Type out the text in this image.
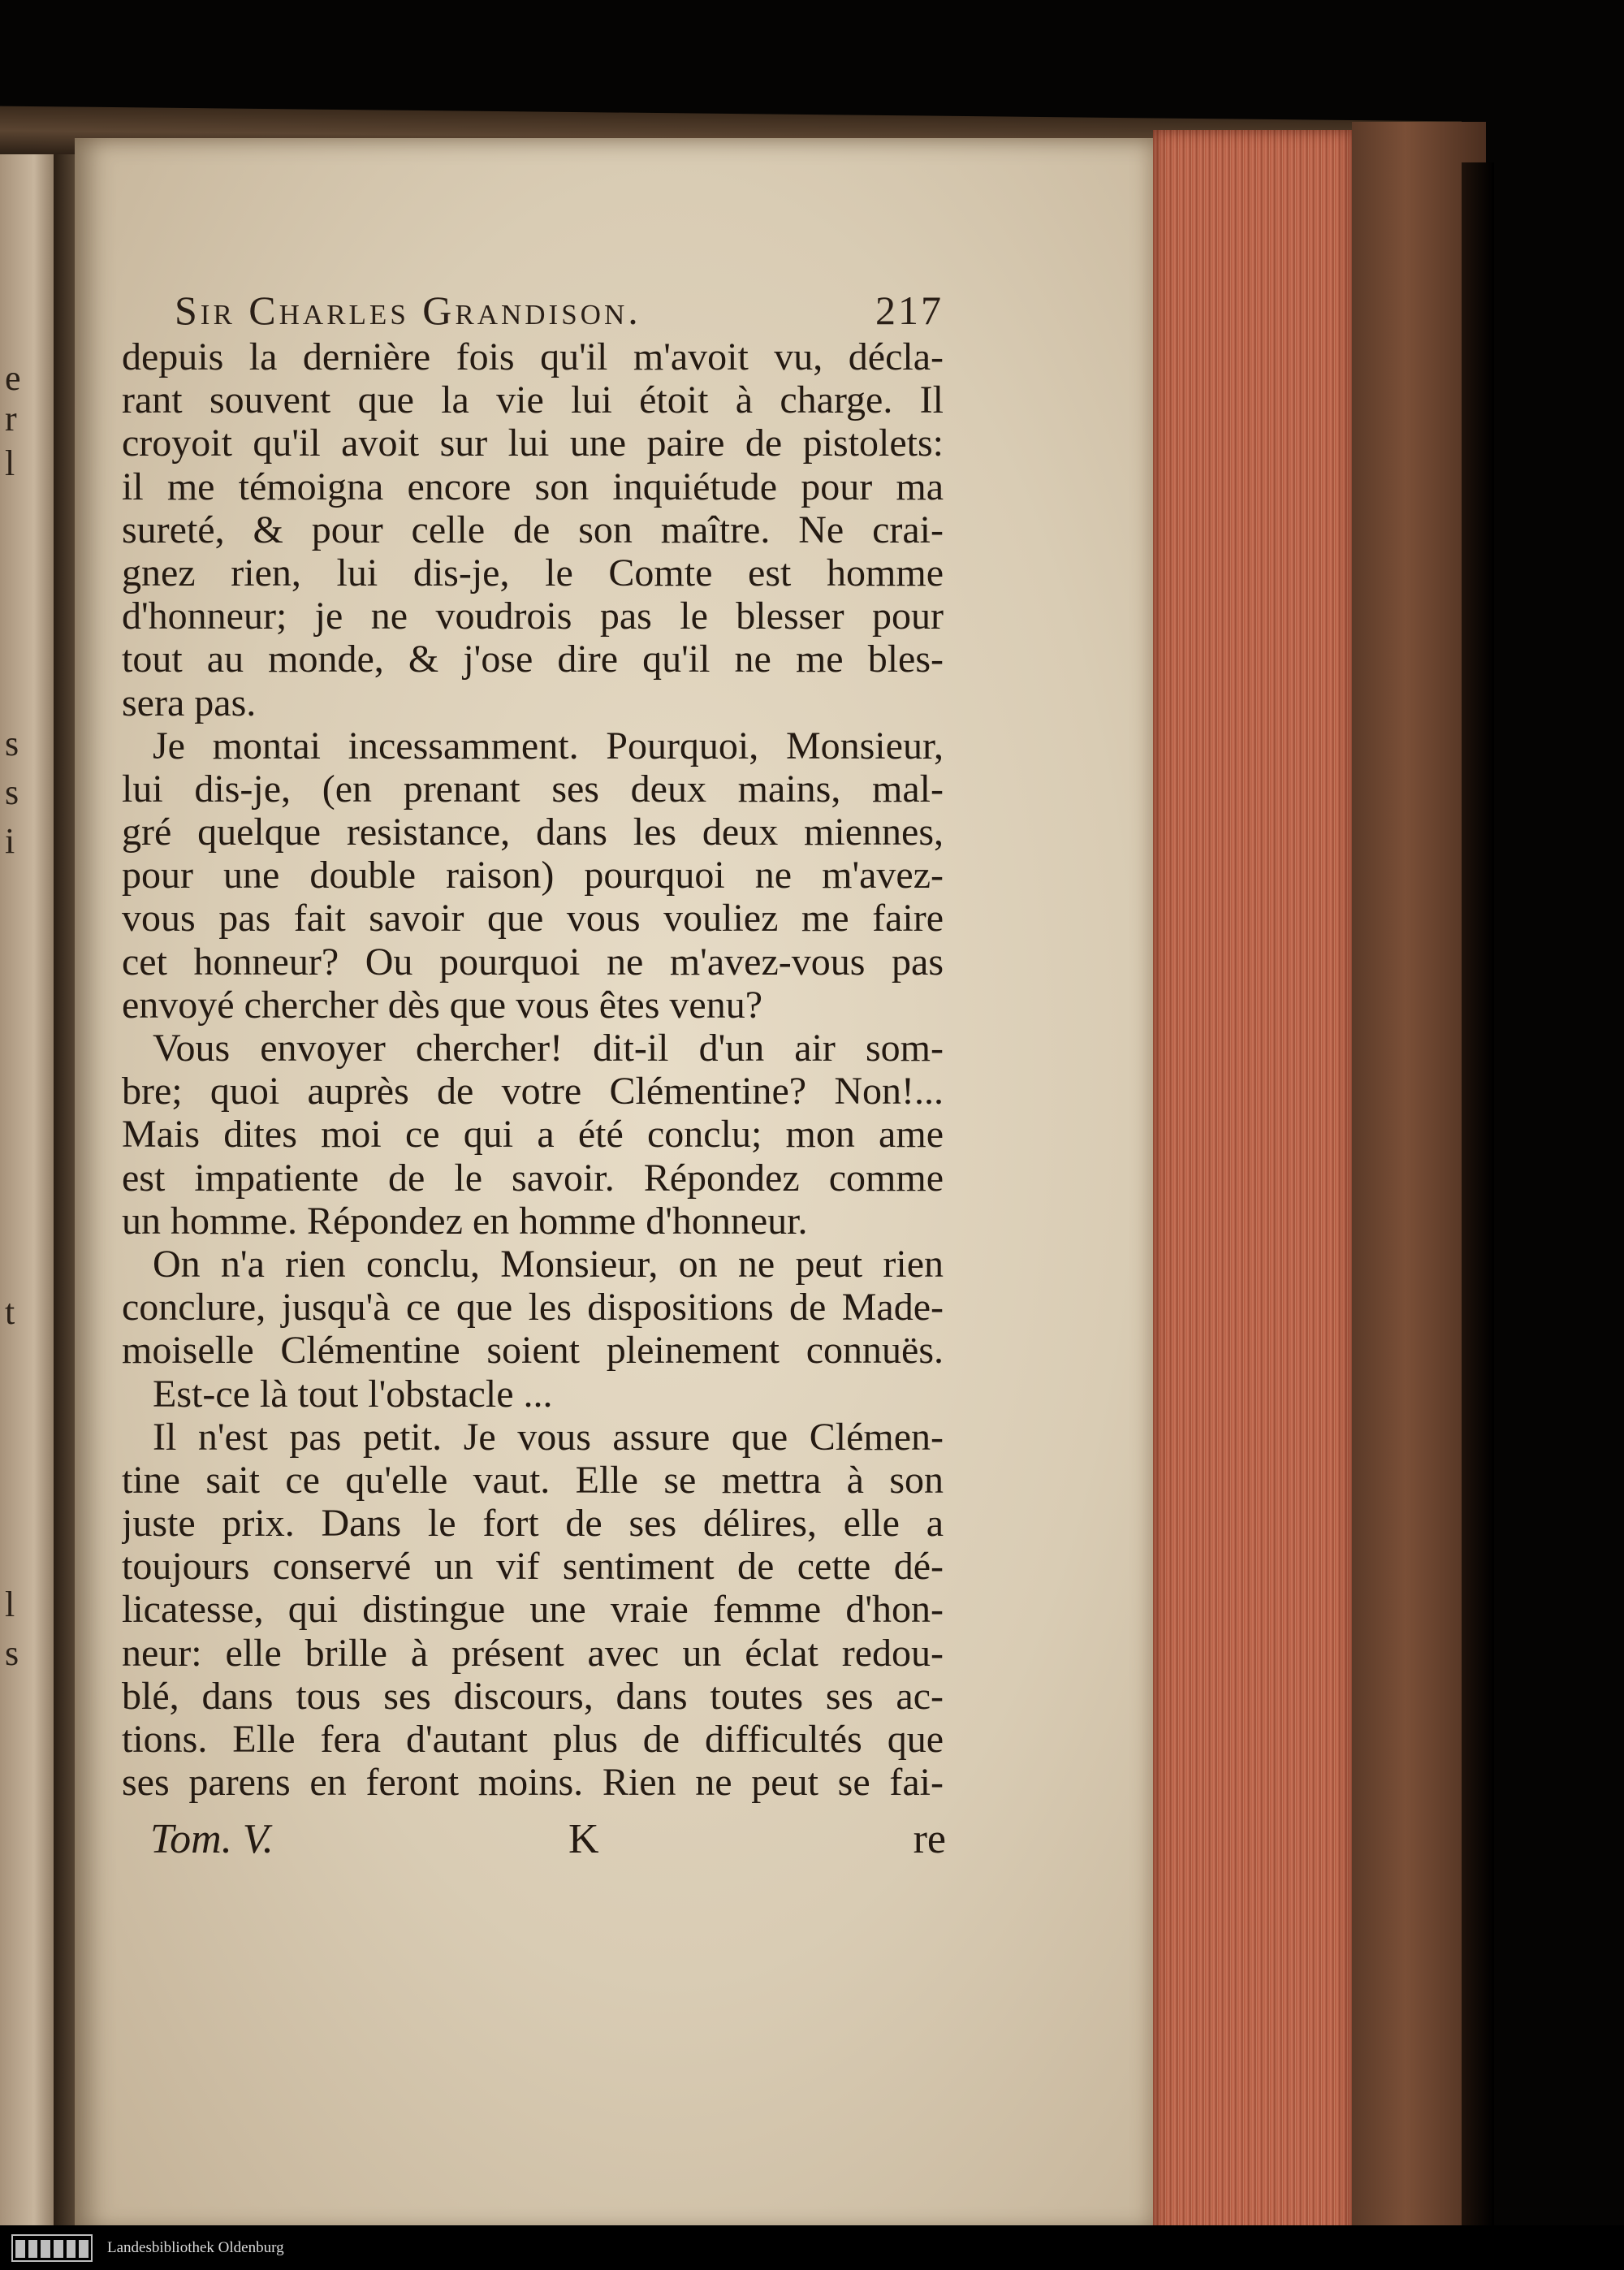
e
r
l
s
s
i
t
l
s
Sir Charles Grandison.	217
depuis la dernière fois qu'il m'avoit vu, décla-
rant souvent que la vie lui étoit à charge. Il
croyoit qu'il avoit sur lui une paire de pistolets:
il me témoigna encore son inquiétude pour ma
sureté, & pour celle de son maître. Ne crai-
gnez rien, lui dis-je, le Comte est homme
d'honneur; je ne voudrois pas le blesser pour
tout au monde, & j'ose dire qu'il ne me bles-
sera pas.
Je montai incessamment. Pourquoi, Monsieur,
lui dis-je, (en prenant ses deux mains, mal-
gré quelque resistance, dans les deux miennes,
pour une double raison) pourquoi ne m'avez-
vous pas fait savoir que vous vouliez me faire
cet honneur? Ou pourquoi ne m'avez-vous pas
envoyé chercher dès que vous êtes venu?
Vous envoyer chercher! dit-il d'un air som-
bre; quoi auprès de votre Clémentine? Non!...
Mais dites moi ce qui a été conclu; mon ame
est impatiente de le savoir. Répondez comme
un homme. Répondez en homme d'honneur.
On n'a rien conclu, Monsieur, on ne peut rien
conclure, jusqu'à ce que les dispositions de Made-
moiselle Clémentine soient pleinement connuës.
Est-ce là tout l'obstacle ...
Il n'est pas petit. Je vous assure que Clémen-
tine sait ce qu'elle vaut. Elle se mettra à son
juste prix. Dans le fort de ses délires, elle a
toujours conservé un vif sentiment de cette dé-
licatesse, qui distingue une vraie femme d'hon-
neur: elle brille à présent avec un éclat redou-
blé, dans tous ses discours, dans toutes ses ac-
tions. Elle fera d'autant plus de difficultés que
ses parens en feront moins. Rien ne peut se fai-
Tom. V.	K	re
Landesbibliothek Oldenburg
